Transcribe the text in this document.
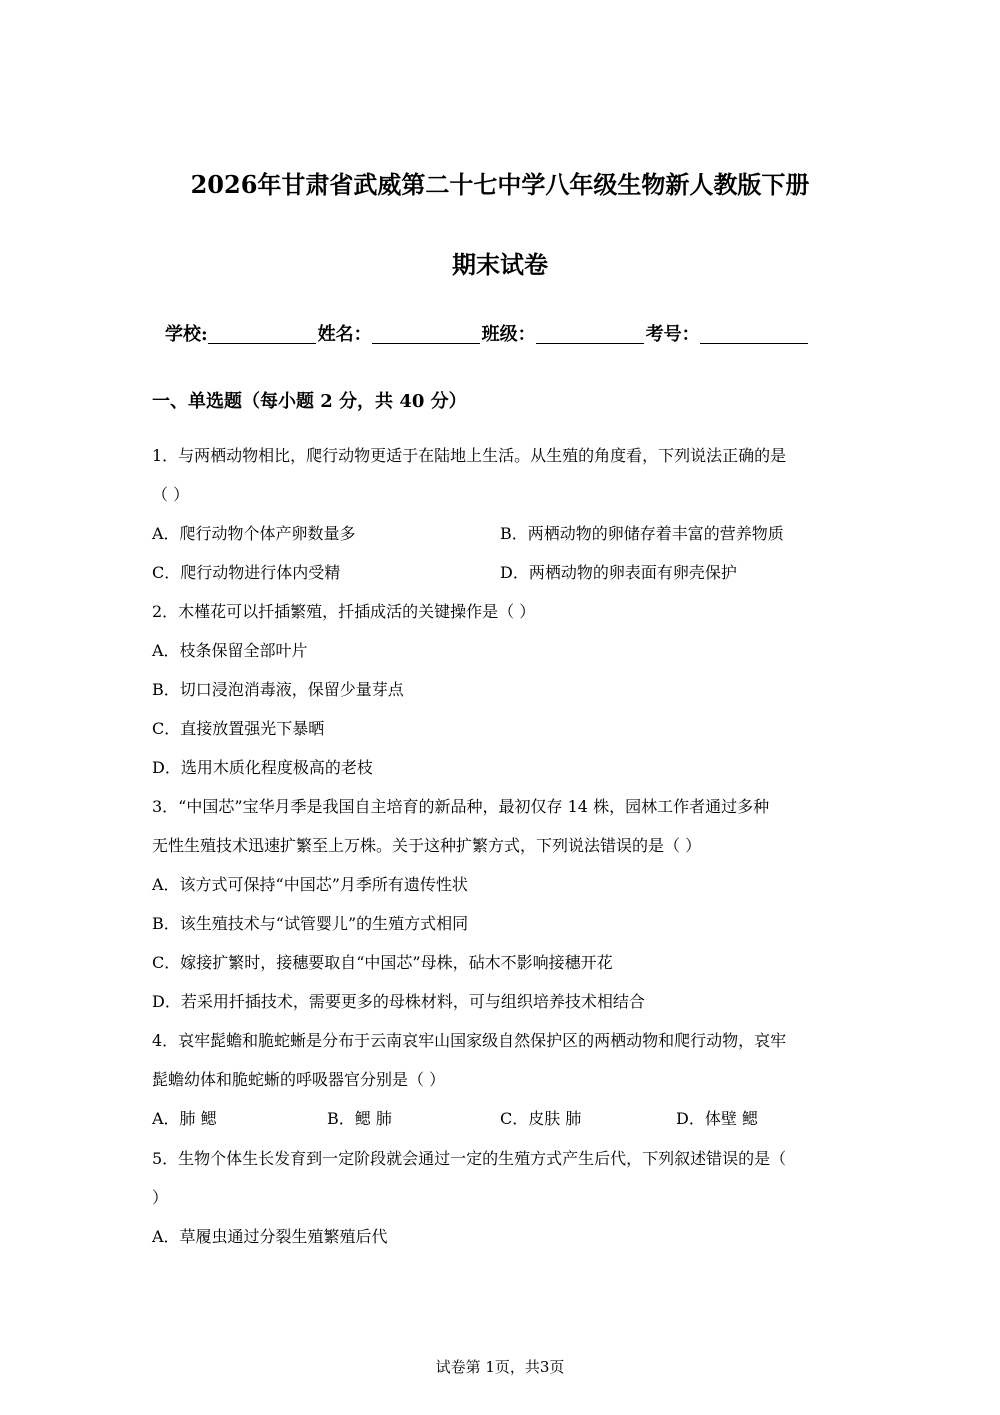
2026年甘肃省武威第二十七中学八年级生物新人教版下册
期末试卷
学校:	姓名：	班级：	考号：
一、单选题（每小题 2 分，共 40 分）
1．与两栖动物相比，爬行动物更适于在陆地上生活。从生殖的角度看，下列说法正确的是
（ ）
A．爬行动物个体产卵数量多	B．两栖动物的卵储存着丰富的营养物质
C．爬行动物进行体内受精	D．两栖动物的卵表面有卵壳保护
2．木槿花可以扦插繁殖，扦插成活的关键操作是（ ）
A．枝条保留全部叶片
B．切口浸泡消毒液，保留少量芽点
C．直接放置强光下暴晒
D．选用木质化程度极高的老枝
3．“中国芯”宝华月季是我国自主培育的新品种，最初仅存 14 株，园林工作者通过多种
无性生殖技术迅速扩繁至上万株。关于这种扩繁方式，下列说法错误的是（ ）
A．该方式可保持“中国芯”月季所有遗传性状
B．该生殖技术与“试管婴儿”的生殖方式相同
C．嫁接扩繁时，接穗要取自“中国芯”母株，砧木不影响接穗开花
D．若采用扦插技术，需要更多的母株材料，可与组织培养技术相结合
4．哀牢髭蟾和脆蛇蜥是分布于云南哀牢山国家级自然保护区的两栖动物和爬行动物，哀牢
髭蟾幼体和脆蛇蜥的呼吸器官分别是（ ）
A．肺 鳃	B．鳃 肺	C．皮肤 肺	D．体壁 鳃
5．生物个体生长发育到一定阶段就会通过一定的生殖方式产生后代，下列叙述错误的是（
）
A．草履虫通过分裂生殖繁殖后代
试卷第 1页，共3页
